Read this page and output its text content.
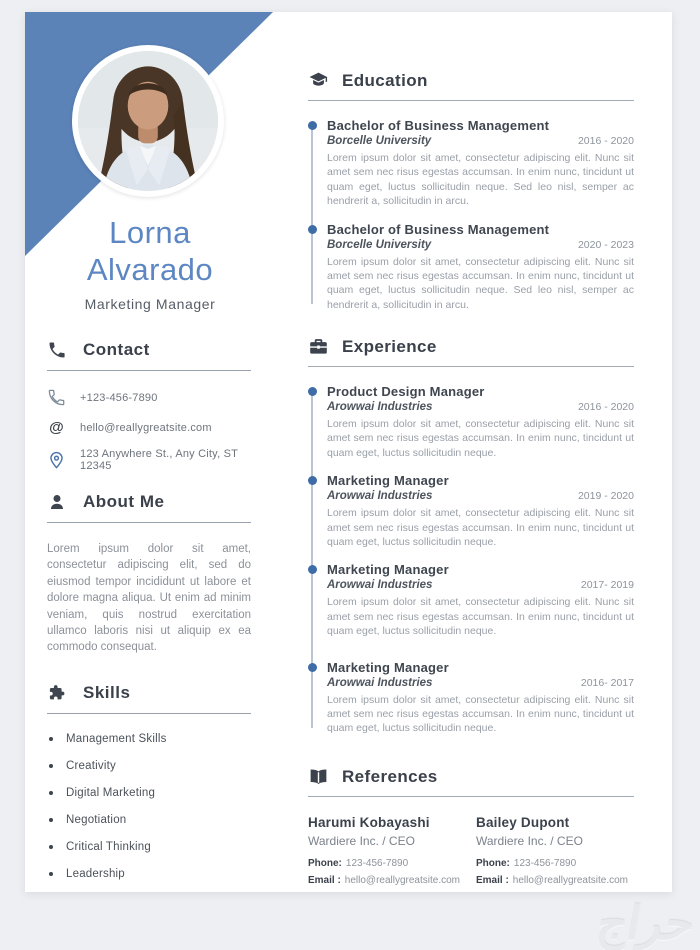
Lorna
Alvarado
Marketing Manager
Contact
+123-456-7890
@ hello@reallygreatsite.com
123 Anywhere St., Any City, ST 12345
About Me

Lorem ipsum dolor sit amet, consectetur adipiscing elit, sed do eiusmod tempor incididunt ut labore et dolore magna aliqua. Ut enim ad minim veniam, quis nostrud exercitation ullamco laboris nisi ut aliquip ex ea commodo consequat.

Skills
Management Skills
Creativity
Digital Marketing
Negotiation
Critical Thinking
Leadership
Education
Bachelor of Business Management
Borcelle University	2016 - 2020

Lorem ipsum dolor sit amet, consectetur adipiscing elit. Nunc sit amet sem nec risus egestas accumsan. In enim nunc, tincidunt ut quam eget, luctus sollicitudin neque. Sed leo nisl, semper ac hendrerit a, sollicitudin in arcu.

Bachelor of Business Management
Borcelle University	2020 - 2023

Lorem ipsum dolor sit amet, consectetur adipiscing elit. Nunc sit amet sem nec risus egestas accumsan. In enim nunc, tincidunt ut quam eget, luctus sollicitudin neque. Sed leo nisl, semper ac hendrerit a, sollicitudin in arcu.

Experience
Product Design Manager
Arowwai Industries	2016 - 2020

Lorem ipsum dolor sit amet, consectetur adipiscing elit. Nunc sit amet sem nec risus egestas accumsan. In enim nunc, tincidunt ut quam eget, luctus sollicitudin neque.

Marketing Manager
Arowwai Industries	2019 - 2020

Lorem ipsum dolor sit amet, consectetur adipiscing elit. Nunc sit amet sem nec risus egestas accumsan. In enim nunc, tincidunt ut quam eget, luctus sollicitudin neque.

Marketing Manager
Arowwai Industries	2017- 2019

Lorem ipsum dolor sit amet, consectetur adipiscing elit. Nunc sit amet sem nec risus egestas accumsan. In enim nunc, tincidunt ut quam eget, luctus sollicitudin neque.

Marketing Manager
Arowwai Industries	2016- 2017

Lorem ipsum dolor sit amet, consectetur adipiscing elit. Nunc sit amet sem nec risus egestas accumsan. In enim nunc, tincidunt ut quam eget, luctus sollicitudin neque.

References
Harumi Kobayashi
Wardiere Inc. / CEO
Phone: 123-456-7890
Email : hello@reallygreatsite.com
Bailey Dupont
Wardiere Inc. / CEO
Phone: 123-456-7890
Email : hello@reallygreatsite.com
حراج
